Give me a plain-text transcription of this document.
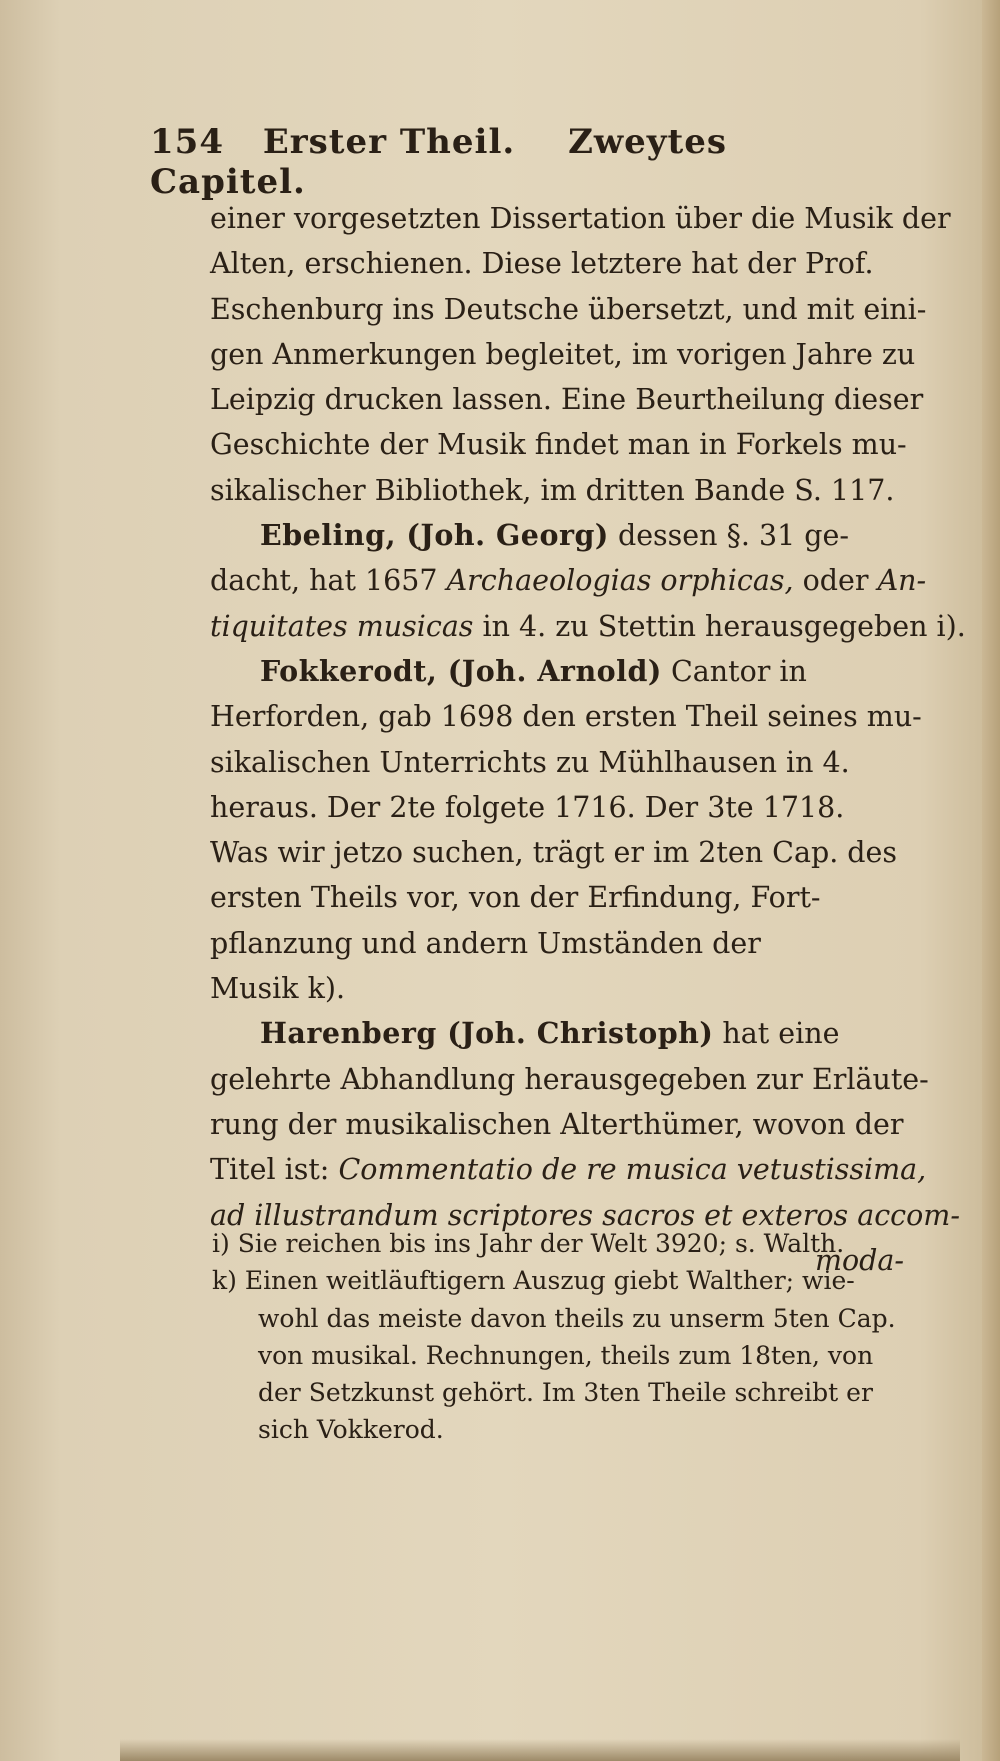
154 Erster Theil. Zweytes Capitel.
einer vorgesetzten Dissertation über die Musik der
Alten, erschienen. Diese letztere hat der Prof.
Eschenburg ins Deutsche übersetzt, und mit eini-
gen Anmerkungen begleitet, im vorigen Jahre zu
Leipzig drucken lassen. Eine Beurtheilung dieser
Geschichte der Musik findet man in Forkels mu-
sikalischer Bibliothek, im dritten Bande S. 117.
Ebeling, (Joh. Georg) dessen §. 31 ge-
dacht, hat 1657 Archaeologias orphicas, oder An-
tiquitates musicas in 4. zu Stettin herausgegeben i).
Fokkerodt, (Joh. Arnold) Cantor in
Herforden, gab 1698 den ersten Theil seines mu-
sikalischen Unterrichts zu Mühlhausen in 4.
heraus. Der 2te folgete 1716. Der 3te 1718.
Was wir jetzo suchen, trägt er im 2ten Cap. des
ersten Theils vor, von der Erfindung, Fort-
pflanzung und andern Umständen der
Musik k).
Harenberg (Joh. Christoph) hat eine
gelehrte Abhandlung herausgegeben zur Erläute-
rung der musikalischen Alterthümer, wovon der
Titel ist: Commentatio de re musica vetustissima,
ad illustrandum scriptores sacros et exteros accom-
moda-
i) Sie reichen bis ins Jahr der Welt 3920; s. Walth.
k) Einen weitläuftigern Auszug giebt Walther; wie-
wohl das meiste davon theils zu unserm 5ten Cap.
von musikal. Rechnungen, theils zum 18ten, von
der Setzkunst gehört. Im 3ten Theile schreibt er
sich Vokkerod.
